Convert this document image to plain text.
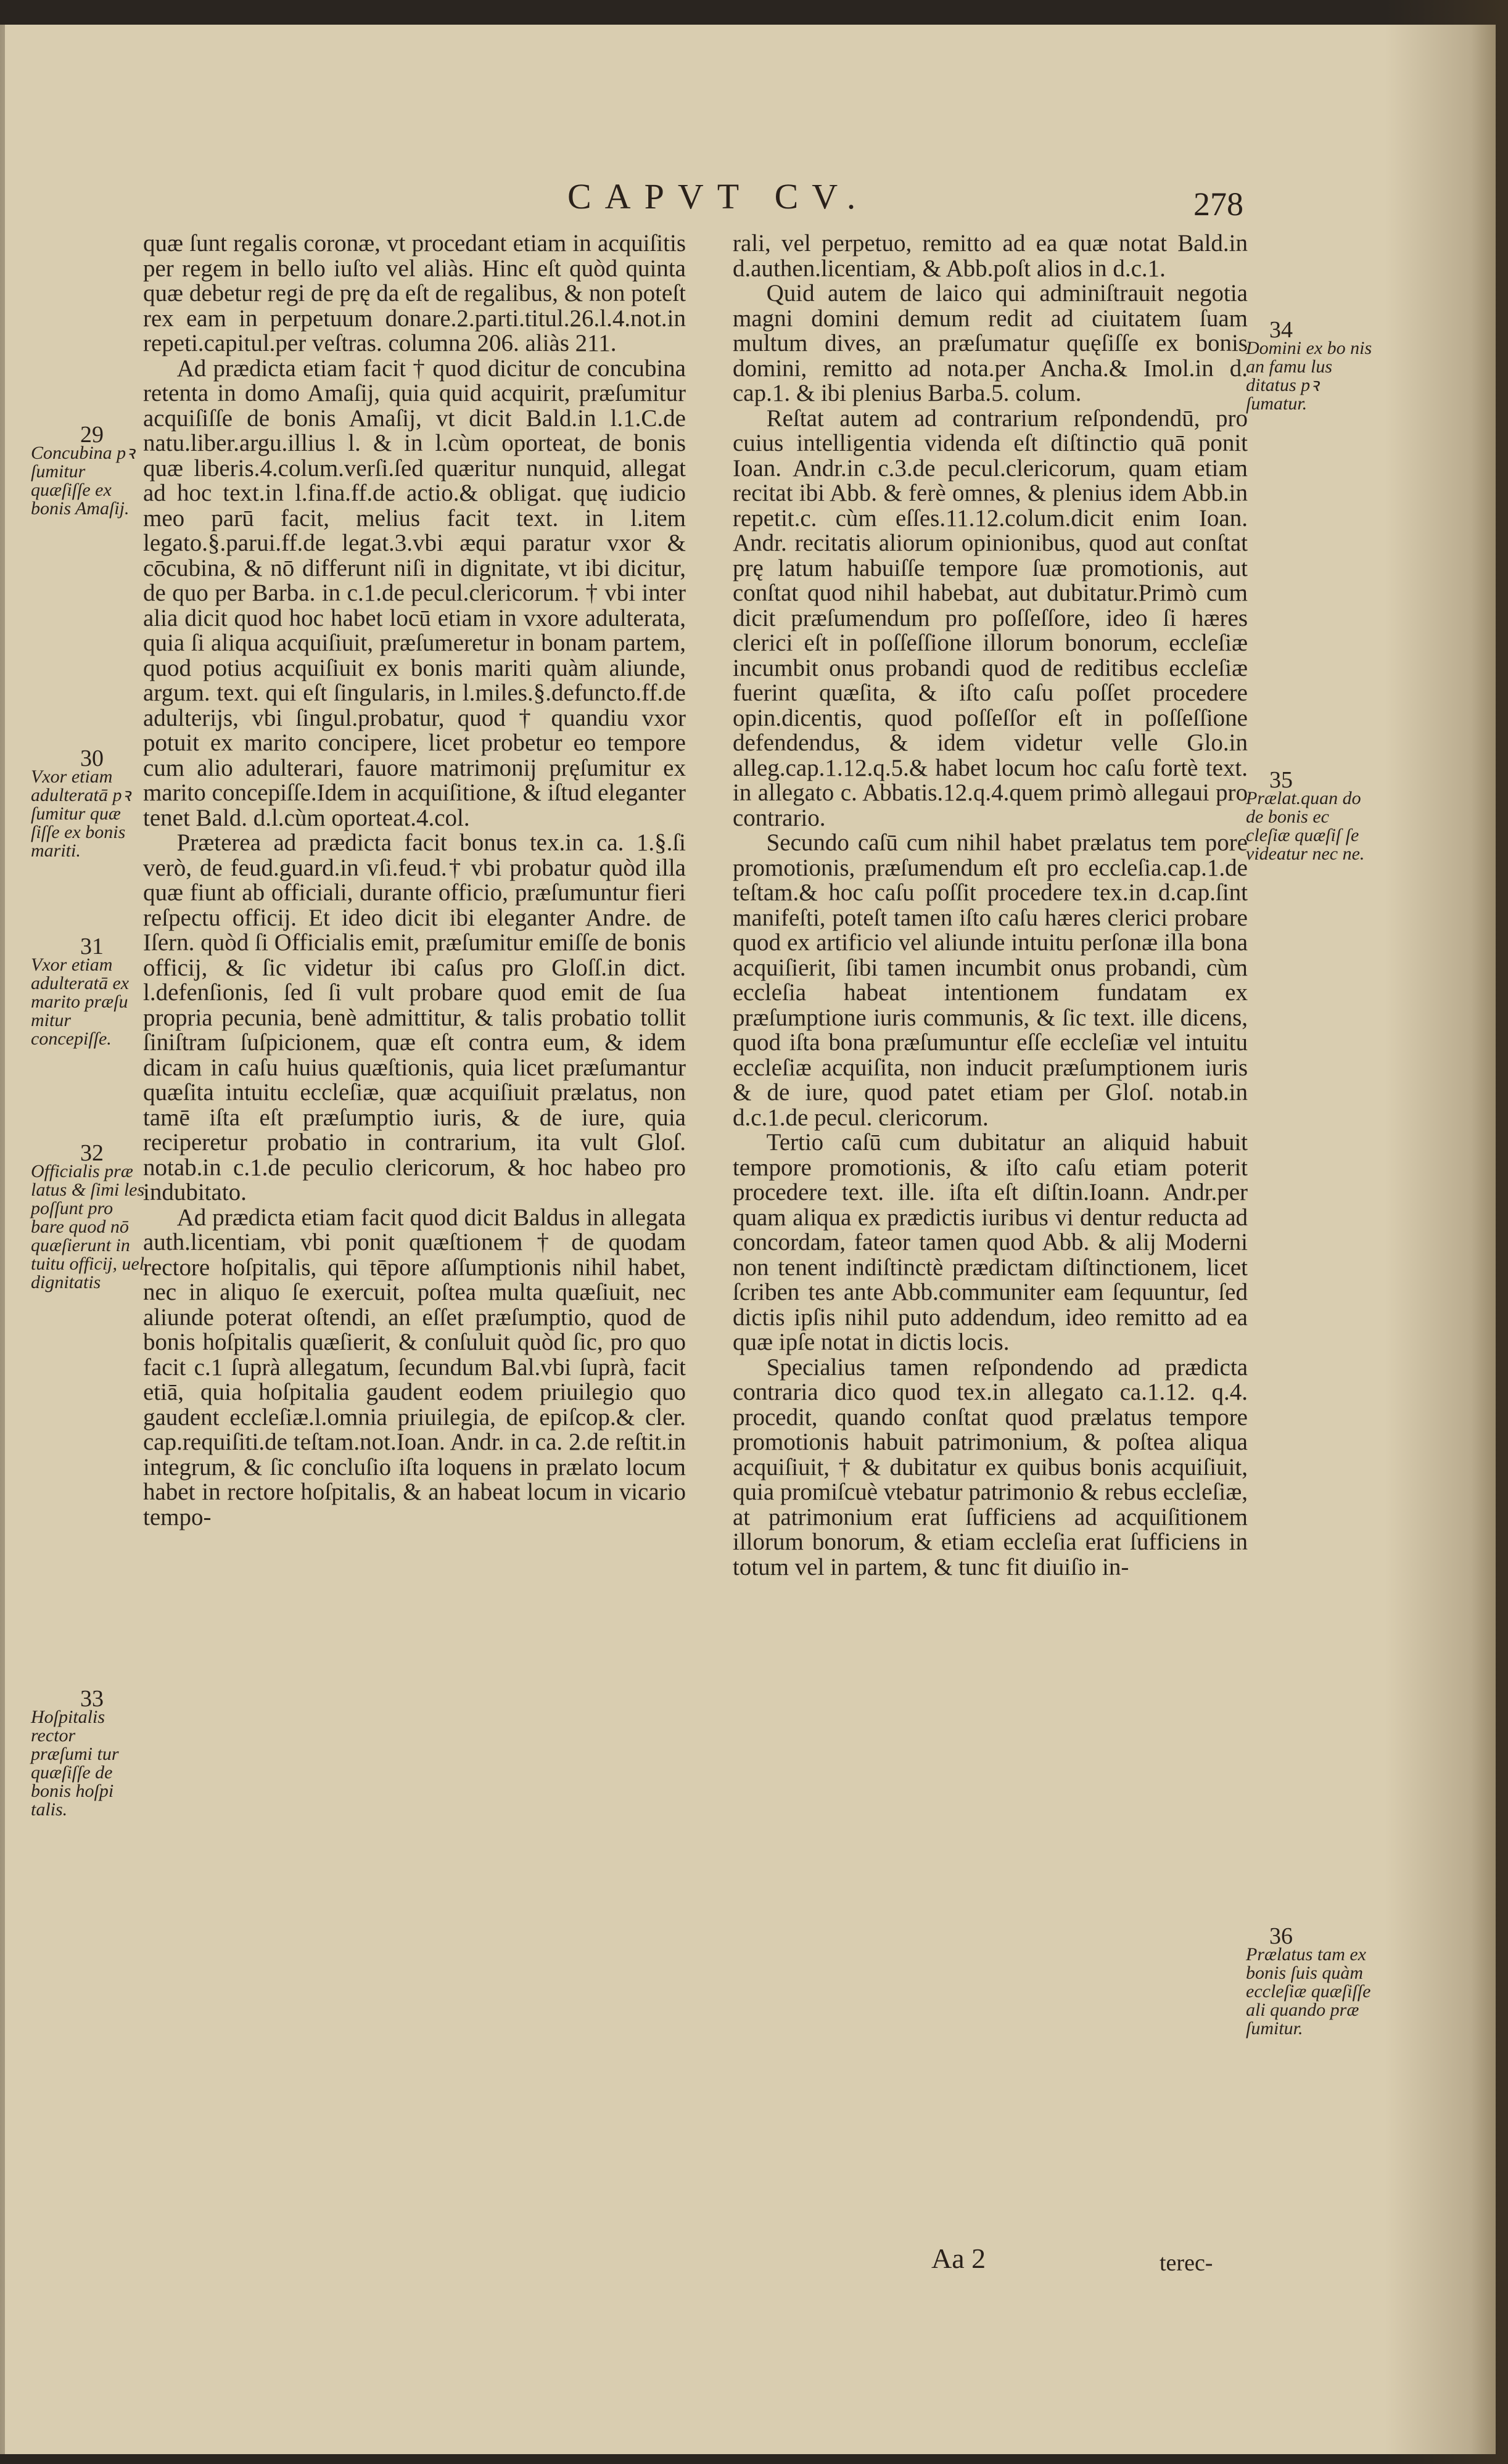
CAPVT CV.	278

quæ ſunt regalis coronæ, vt procedant etiam in acquiſitis per regem in bello iuſto vel aliàs. Hinc eſt quòd quinta quæ debetur regi de prę da eſt de regalibus, & non poteſt rex eam in perpetuum donare.2.parti.titul.26.l.4.not.in repeti.capitul.per veſtras. columna 206. aliàs 211.

Ad prædicta etiam facit † quod dicitur de concubina retenta in domo Amaſij, quia quid acquirit, præſumitur acquiſiſſe de bonis Amaſij, vt dicit Bald.in l.1.C.de natu.liber.argu.illius l. & in l.cùm oporteat, de bonis quæ liberis.4.colum.verſi.ſed quæritur nunquid, allegat ad hoc text.in l.fina.ff.de actio.& obligat. quę iudicio meo parū facit, melius facit text. in l.item legato.§.parui.ff.de legat.3.vbi æqui paratur vxor & cōcubina, & nō differunt niſi in dignitate, vt ibi dicitur, de quo per Barba. in c.1.de pecul.clericorum. † vbi inter alia dicit quod hoc habet locū etiam in vxore adulterata, quia ſi aliqua acquiſiuit, præſumeretur in bonam partem, quod potius acquiſiuit ex bonis mariti quàm aliunde, argum. text. qui eſt ſingularis, in l.miles.§.defuncto.ff.de adulterijs, vbi ſingul.probatur, quod † quandiu vxor potuit ex marito concipere, licet probetur eo tempore cum alio adulterari, fauore matrimonij pręſumitur ex marito concepiſſe.Idem in acquiſitione, & iſtud eleganter tenet Bald. d.l.cùm oporteat.4.col.

Præterea ad prædicta facit bonus tex.in ca. 1.§.ſi verò, de feud.guard.in vſi.feud.† vbi probatur quòd illa quæ fiunt ab officiali, durante officio, præſumuntur fieri reſpectu officij. Et ideo dicit ibi eleganter Andre. de Iſern. quòd ſi Officialis emit, præſumitur emiſſe de bonis officij, & ſic videtur ibi caſus pro Gloſſ.in dict. l.defenſionis, ſed ſi vult probare quod emit de ſua propria pecunia, benè admittitur, & talis probatio tollit ſiniſtram ſuſpicionem, quæ eſt contra eum, & idem dicam in caſu huius quæſtionis, quia licet præſumantur quæſita intuitu eccleſiæ, quæ acquiſiuit prælatus, non tamē iſta eſt præſumptio iuris, & de iure, quia reciperetur probatio in contrarium, ita vult Gloſ. notab.in c.1.de peculio clericorum, & hoc habeo pro indubitato.

Ad prædicta etiam facit quod dicit Baldus in allegata auth.licentiam, vbi ponit quæſtionem † de quodam rectore hoſpitalis, qui tēpore aſſumptionis nihil habet, nec in aliquo ſe exercuit, poſtea multa quæſiuit, nec aliunde poterat oſtendi, an eſſet præſumptio, quod de bonis hoſpitalis quæſierit, & conſuluit quòd ſic, pro quo facit c.1 ſuprà allegatum, ſecundum Bal.vbi ſuprà, facit etiā, quia hoſpitalia gaudent eodem priuilegio quo gaudent eccleſiæ.l.omnia priuilegia, de epiſcop.& cler. cap.requiſiti.de teſtam.not.Ioan. Andr. in ca. 2.de reſtit.in integrum, & ſic concluſio iſta loquens in prælato locum habet in rectore hoſpitalis, & an habeat locum in vicario tempo-

rali, vel perpetuo, remitto ad ea quæ notat Bald.in d.authen.licentiam, & Abb.poſt alios in d.c.1.

Quid autem de laico qui adminiſtrauit negotia magni domini demum redit ad ciuitatem ſuam multum dives, an præſumatur quęſiſſe ex bonis domini, remitto ad nota.per Ancha.& Imol.in d. cap.1. & ibi plenius Barba.5. colum.

Reſtat autem ad contrarium reſpondendū, pro cuius intelligentia videnda eſt diſtinctio quā ponit Ioan. Andr.in c.3.de pecul.clericorum, quam etiam recitat ibi Abb. & ferè omnes, & plenius idem Abb.in repetit.c. cùm eſſes.11.12.colum.dicit enim Ioan. Andr. recitatis aliorum opinionibus, quod aut conſtat prę latum habuiſſe tempore ſuæ promotionis, aut conſtat quod nihil habebat, aut dubitatur.Primò cum dicit præſumendum pro poſſeſſore, ideo ſi hæres clerici eſt in poſſeſſione illorum bonorum, eccleſiæ incumbit onus probandi quod de reditibus eccleſiæ fuerint quæſita, & iſto caſu poſſet procedere opin.dicentis, quod poſſeſſor eſt in poſſeſſione defendendus, & idem videtur velle Glo.in alleg.cap.1.12.q.5.& habet locum hoc caſu fortè text. in allegato c. Abbatis.12.q.4.quem primò allegaui pro contrario.

Secundo caſū cum nihil habet prælatus tem pore promotionis, præſumendum eſt pro eccleſia.cap.1.de teſtam.& hoc caſu poſſit procedere tex.in d.cap.ſint manifeſti, poteſt tamen iſto caſu hæres clerici probare quod ex artificio vel aliunde intuitu perſonæ illa bona acquiſierit, ſibi tamen incumbit onus probandi, cùm eccleſia habeat intentionem fundatam ex præſumptione iuris communis, & ſic text. ille dicens, quod iſta bona præſumuntur eſſe eccleſiæ vel intuitu eccleſiæ acquiſita, non inducit præſumptionem iuris & de iure, quod patet etiam per Gloſ. notab.in d.c.1.de pecul. clericorum.

Tertio caſū cum dubitatur an aliquid habuit tempore promotionis, & iſto caſu etiam poterit procedere text. ille. iſta eſt diſtin.Ioann. Andr.per quam aliqua ex prædictis iuribus vi dentur reducta ad concordam, fateor tamen quod Abb. & alij Moderni non tenent indiſtinctè prædictam diſtinctionem, licet ſcriben tes ante Abb.communiter eam ſequuntur, ſed dictis ipſis nihil puto addendum, ideo remitto ad ea quæ ipſe notat in dictis locis.

Specialius tamen reſpondendo ad prædicta contraria dico quod tex.in allegato ca.1.12. q.4. procedit, quando conſtat quod prælatus tempore promotionis habuit patrimonium, & poſtea aliqua acquiſiuit, † & dubitatur ex quibus bonis acquiſiuit, quia promiſcuè vtebatur patrimonio & rebus eccleſiæ, at patrimonium erat ſufficiens ad acquiſitionem illorum bonorum, & etiam eccleſia erat ſufficiens in totum vel in partem, & tunc fit diuiſio in-

29
Concubina pꝛ ſumitur quæſiſſe ex bonis Amaſij.
30
Vxor etiam adulteratā pꝛ ſumitur quæ ſiſſe ex bonis mariti.
31
Vxor etiam adulteratā ex marito præſu mitur concepiſſe.
32
Officialis præ latus & ſimi les poſſunt pro bare quod nō quæſierunt in tuitu officij, uel dignitatis
33
Hoſpitalis rector præſumi tur quæſiſſe de bonis hoſpi talis.
34
Domini ex bo nis an famu lus ditatus pꝛ ſumatur.
35
Prælat.quan do de bonis ec cleſiæ quæſiſ ſe videatur nec ne.
36
Prælatus tam ex bonis ſuis quàm eccleſiæ quæſiſſe ali quando præ ſumitur.
Aa 2	terec-
